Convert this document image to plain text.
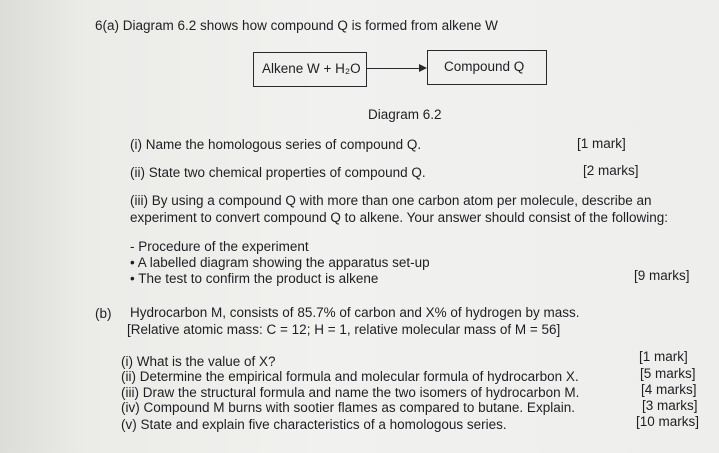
6(a) Diagram 6.2 shows how compound Q is formed from alkene W
Alkene W + H₂O	Compound Q
Diagram 6.2
(i) Name the homologous series of compound Q.	[1 mark]
(ii) State two chemical properties of compound Q.	[2 marks]
(iii) By using a compound Q with more than one carbon atom per molecule, describe an
experiment to convert compound Q to alkene. Your answer should consist of the following:
- Procedure of the experiment
• A labelled diagram showing the apparatus set-up
• The test to confirm the product is alkene	[9 marks]
(b) Hydrocarbon M, consists of 85.7% of carbon and X% of hydrogen by mass.
[Relative atomic mass: C = 12; H = 1, relative molecular mass of M = 56]
(i) What is the value of X?	[1 mark]
(ii) Determine the empirical formula and molecular formula of hydrocarbon X.	[5 marks]
(iii) Draw the structural formula and name the two isomers of hydrocarbon M.	[4 marks]
(iv) Compound M burns with sootier flames as compared to butane. Explain.	[3 marks]
(v) State and explain five characteristics of a homologous series.	[10 marks]
